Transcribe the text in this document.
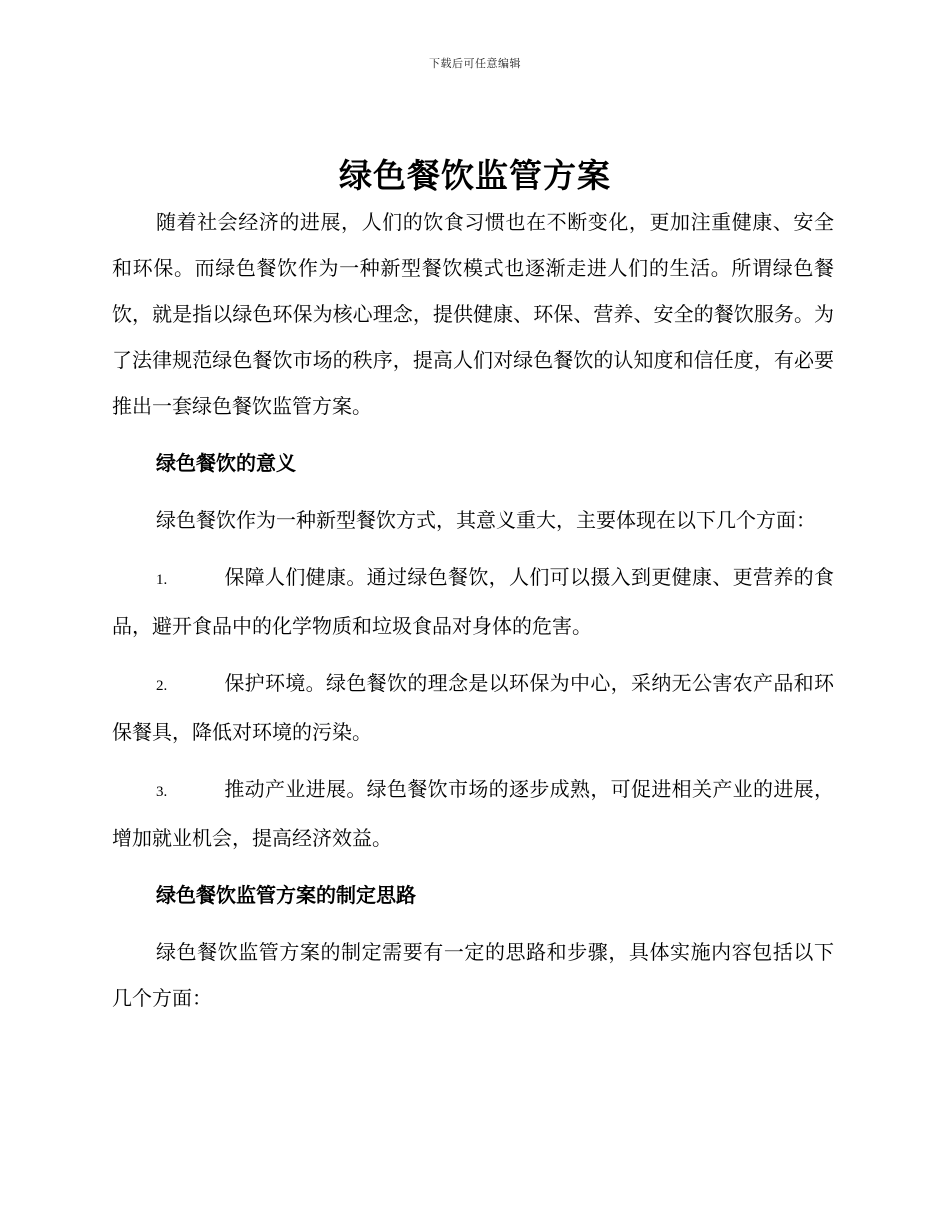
下载后可任意编辑
绿色餐饮监管方案

随着社会经济的进展，人们的饮食习惯也在不断变化，更加注重健康、安全和环保。而绿色餐饮作为一种新型餐饮模式也逐渐走进人们的生活。所谓绿色餐饮，就是指以绿色环保为核心理念，提供健康、环保、营养、安全的餐饮服务。为了法律规范绿色餐饮市场的秩序，提高人们对绿色餐饮的认知度和信任度，有必要推出一套绿色餐饮监管方案。

绿色餐饮的意义

绿色餐饮作为一种新型餐饮方式，其意义重大，主要体现在以下几个方面：

1.	保障人们健康。通过绿色餐饮，人们可以摄入到更健康、更营养的食品，避开食品中的化学物质和垃圾食品对身体的危害。

2.	保护环境。绿色餐饮的理念是以环保为中心，采纳无公害农产品和环保餐具，降低对环境的污染。

3.	推动产业进展。绿色餐饮市场的逐步成熟，可促进相关产业的进展，增加就业机会，提高经济效益。

绿色餐饮监管方案的制定思路

绿色餐饮监管方案的制定需要有一定的思路和步骤，具体实施内容包括以下几个方面：
